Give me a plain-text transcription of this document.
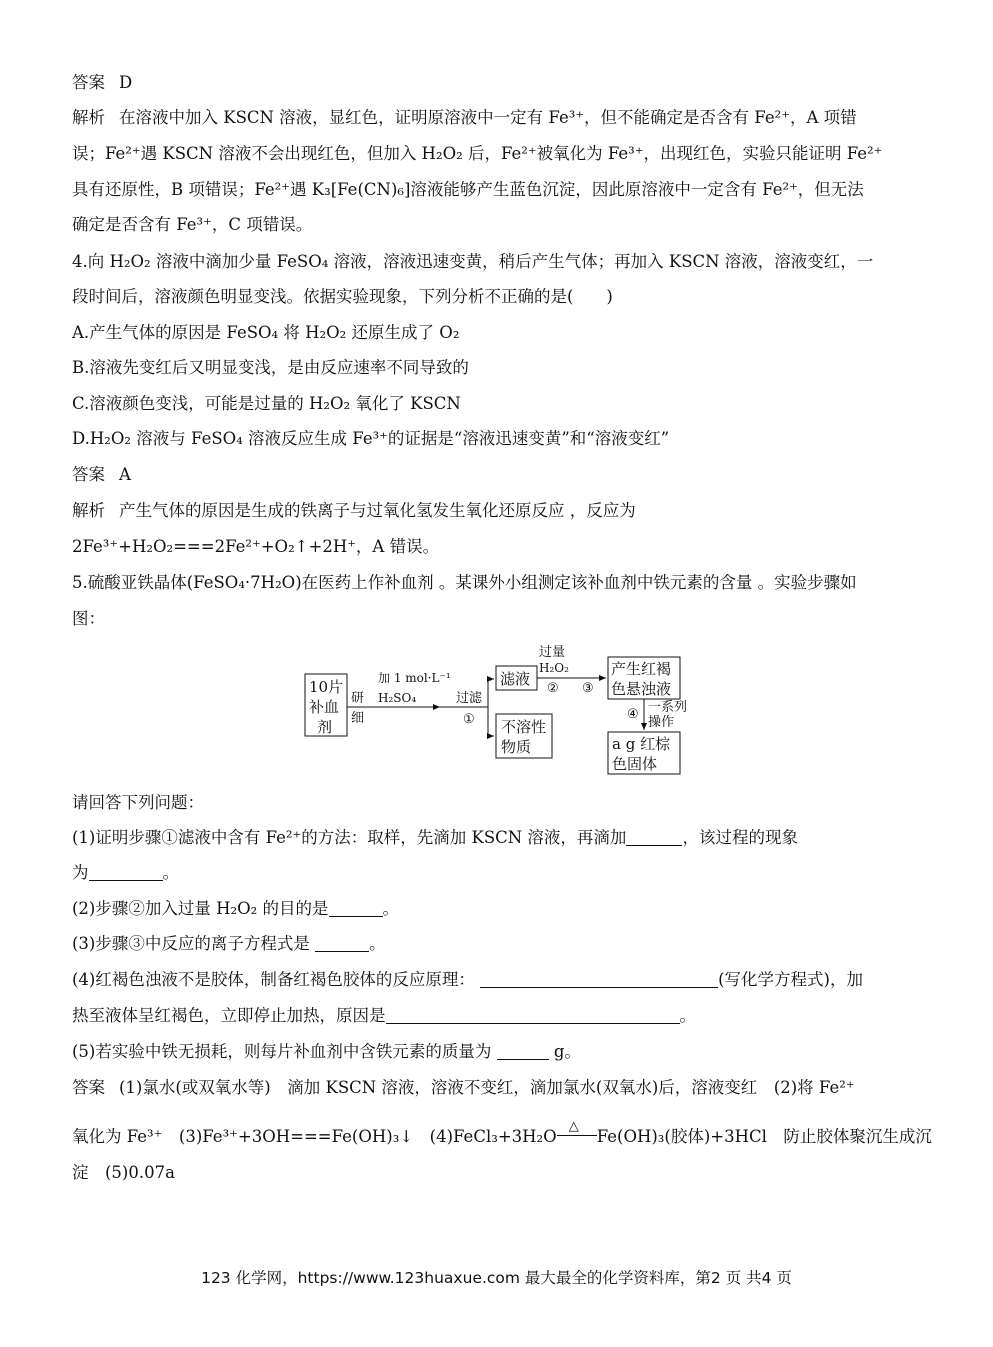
答案 D
解析 在溶液中加入 KSCN 溶液，显红色，证明原溶液中一定有 Fe³⁺，但不能确定是否含有 Fe²⁺，A 项错
误；Fe²⁺遇 KSCN 溶液不会出现红色，但加入 H₂O₂ 后，Fe²⁺被氧化为 Fe³⁺，出现红色，实验只能证明 Fe²⁺
具有还原性，B 项错误；Fe²⁺遇 K₃[Fe(CN)₆]溶液能够产生蓝色沉淀，因此原溶液中一定含有 Fe²⁺，但无法
确定是否含有 Fe³⁺，C 项错误。
4.向 H₂O₂ 溶液中滴加少量 FeSO₄ 溶液，溶液迅速变黄，稍后产生气体；再加入 KSCN 溶液，溶液变红，一
段时间后，溶液颜色明显变浅。依据实验现象，下列分析不正确的是(　　)
A.产生气体的原因是 FeSO₄ 将 H₂O₂ 还原生成了 O₂
B.溶液先变红后又明显变浅，是由反应速率不同导致的
C.溶液颜色变浅，可能是过量的 H₂O₂ 氧化了 KSCN
D.H₂O₂ 溶液与 FeSO₄ 溶液反应生成 Fe³⁺的证据是“溶液迅速变黄”和“溶液变红”
答案 A
解析 产生气体的原因是生成的铁离子与过氧化氢发生氧化还原反应 ，反应为
2Fe³⁺+H₂O₂===2Fe²⁺+O₂↑+2H⁺，A 错误。
5.硫酸亚铁晶体(FeSO₄·7H₂O)在医药上作补血剂 。某课外小组测定该补血剂中铁元素的含量 。实验步骤如
图：
10片
补血
剂
研
细
加 1 mol·L⁻¹
H₂SO₄	过滤
①
滤液
不溶性
物质
过量
H₂O₂
② ③
产生红褐
色悬浊液
④ 一系列
操作
a g 红棕
色固体
请回答下列问题：
(1)证明步骤①滤液中含有 Fe²⁺的方法：取样，先滴加 KSCN 溶液，再滴加	，该过程的现象
为	。
(2)步骤②加入过量 H₂O₂ 的目的是	。
(3)步骤③中反应的离子方程式是	。
(4)红褐色浊液不是胶体，制备红褐色胶体的反应原理：	(写化学方程式)，加
热至液体呈红褐色，立即停止加热，原因是	。
(5)若实验中铁无损耗，则每片补血剂中含铁元素的质量为	g。
答案 (1)氯水(或双氧水等)　滴加 KSCN 溶液，溶液不变红，滴加氯水(双氧水)后，溶液变红　(2)将 Fe²⁺
氧化为 Fe³⁺　(3)Fe³⁺+3OH===Fe(OH)₃↓　(4)FeCl₃+3H₂O
△
Fe(OH)₃(胶体)+3HCl　防止胶体聚沉生成沉
淀　(5)0.07a
123 化学网，https://www.123huaxue.com 最大最全的化学资料库，第2 页 共4 页
